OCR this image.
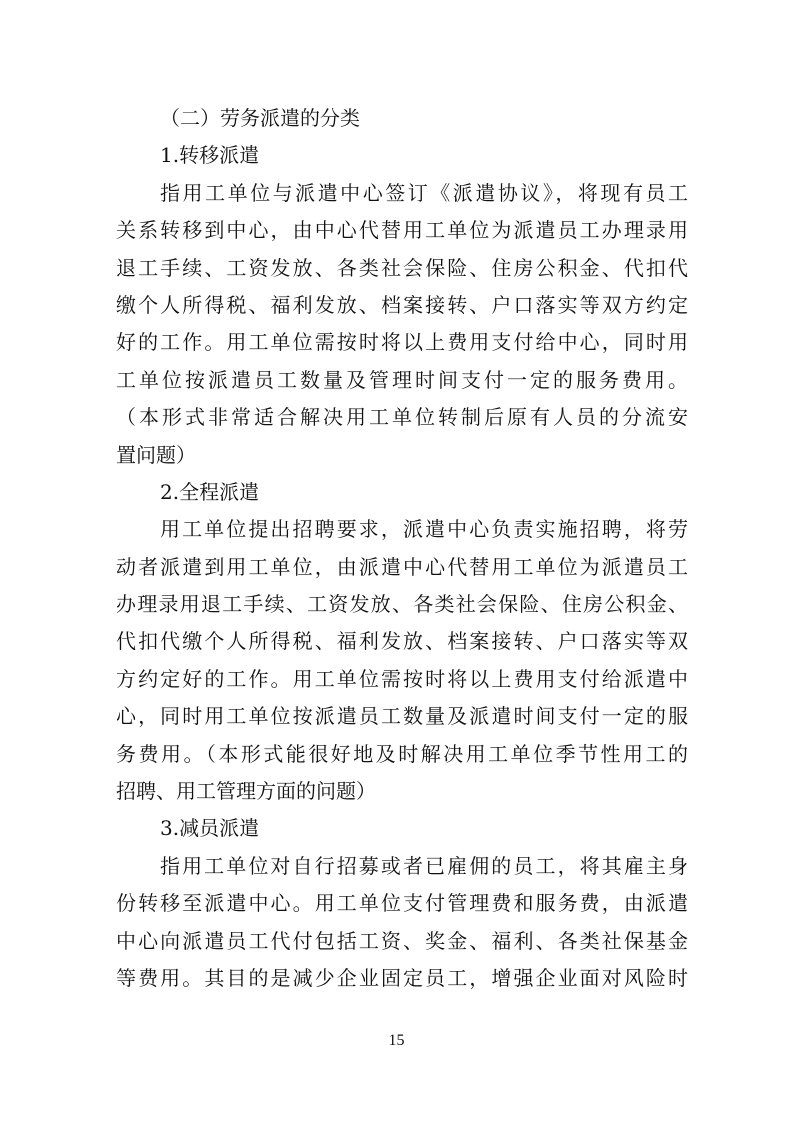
（二）劳务派遣的分类
1.转移派遣
指用工单位与派遣中心签订《派遣协议》，将现有员工
关系转移到中心，由中心代替用工单位为派遣员工办理录用
退工手续、工资发放、各类社会保险、住房公积金、代扣代
缴个人所得税、福利发放、档案接转、户口落实等双方约定
好的工作。用工单位需按时将以上费用支付给中心，同时用
工单位按派遣员工数量及管理时间支付一定的服务费用。
（本形式非常适合解决用工单位转制后原有人员的分流安
置问题）
2.全程派遣
用工单位提出招聘要求，派遣中心负责实施招聘，将劳
动者派遣到用工单位，由派遣中心代替用工单位为派遣员工
办理录用退工手续、工资发放、各类社会保险、住房公积金、
代扣代缴个人所得税、福利发放、档案接转、户口落实等双
方约定好的工作。用工单位需按时将以上费用支付给派遣中
心，同时用工单位按派遣员工数量及派遣时间支付一定的服
务费用。（本形式能很好地及时解决用工单位季节性用工的
招聘、用工管理方面的问题）
3.减员派遣
指用工单位对自行招募或者已雇佣的员工，将其雇主身
份转移至派遣中心。用工单位支付管理费和服务费，由派遣
中心向派遣员工代付包括工资、奖金、福利、各类社保基金
等费用。其目的是减少企业固定员工，增强企业面对风险时
15
